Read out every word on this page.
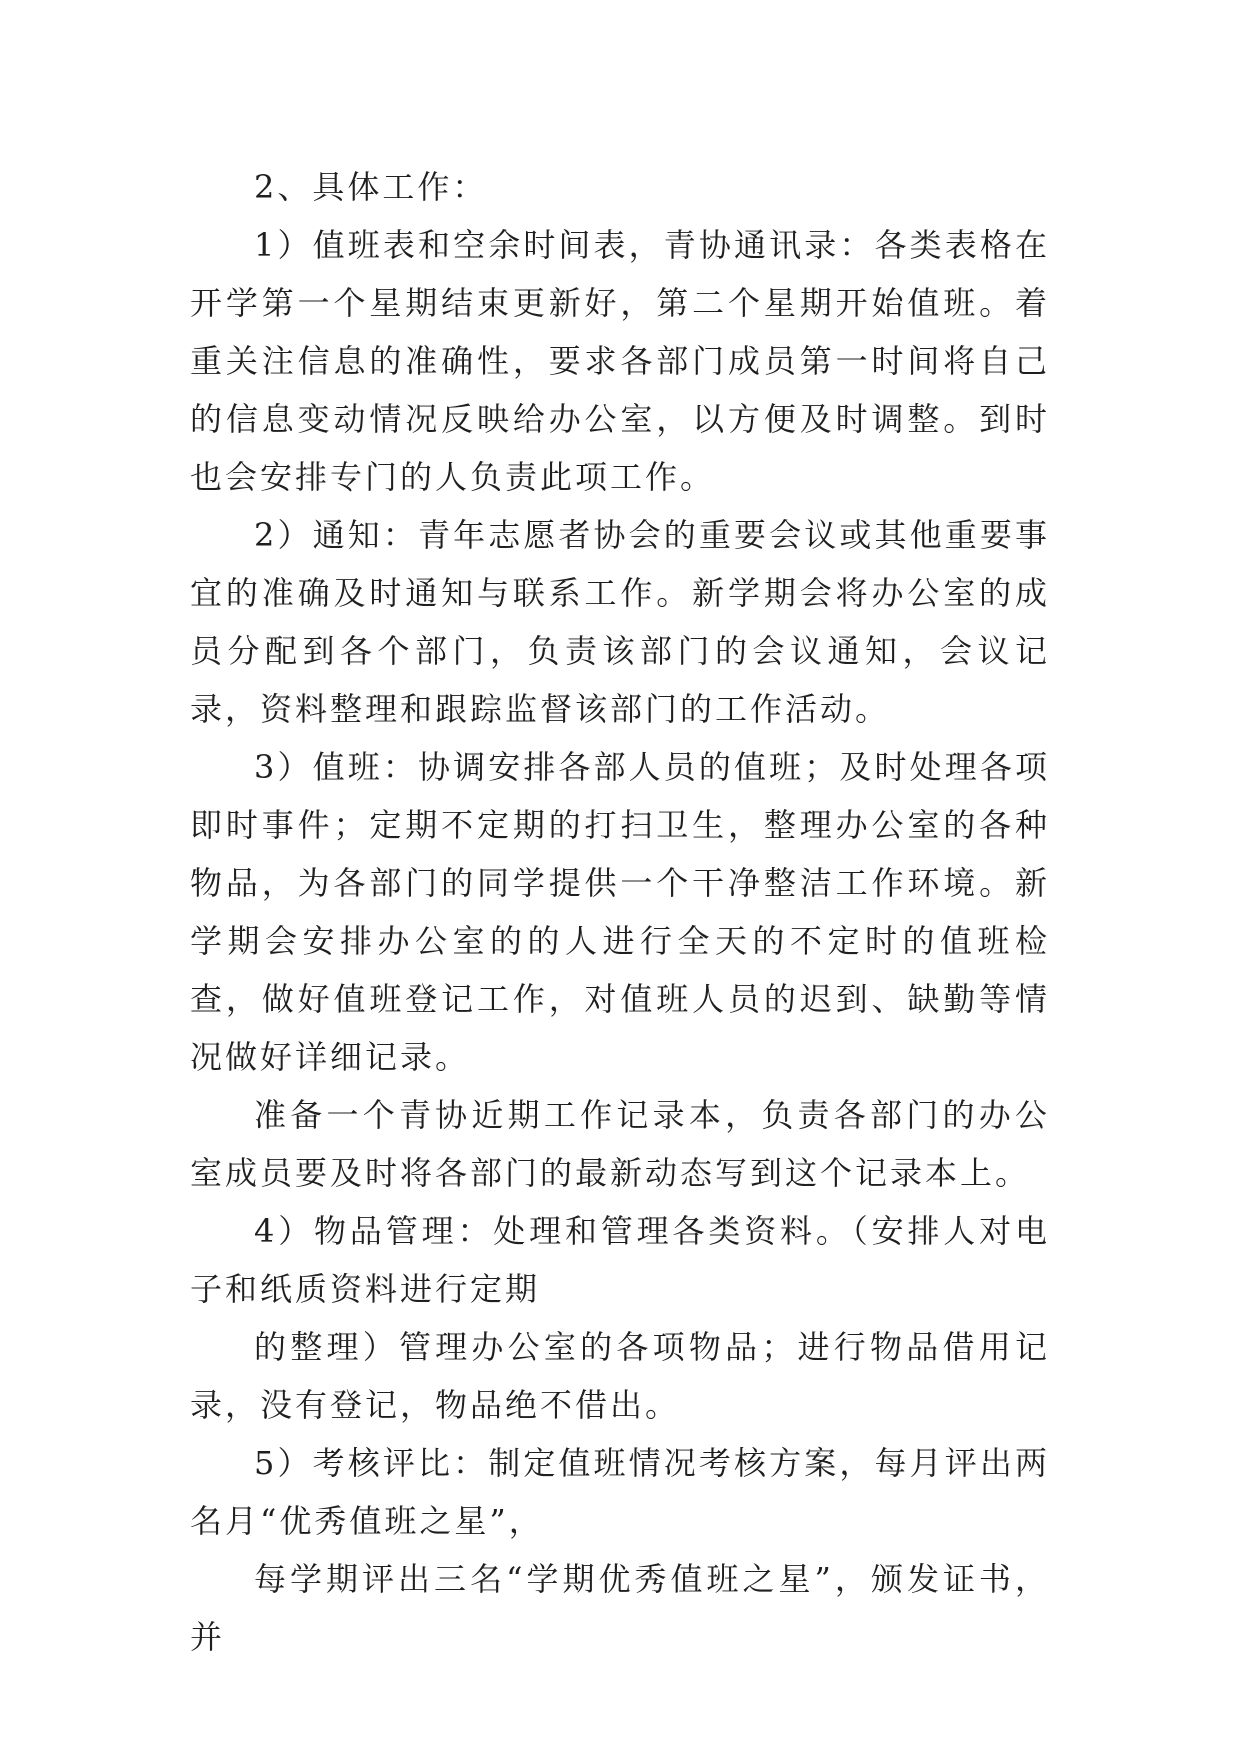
2、具体工作：

1）值班表和空余时间表，青协通讯录：各类表格在开学第一个星期结束更新好，第二个星期开始值班。着重关注信息的准确性，要求各部门成员第一时间将自己的信息变动情况反映给办公室，以方便及时调整。到时也会安排专门的人负责此项工作。

2）通知：青年志愿者协会的重要会议或其他重要事宜的准确及时通知与联系工作。新学期会将办公室的成员分配到各个部门，负责该部门的会议通知，会议记录，资料整理和跟踪监督该部门的工作活动。

3）值班：协调安排各部人员的值班；及时处理各项即时事件；定期不定期的打扫卫生，整理办公室的各种物品，为各部门的同学提供一个干净整洁工作环境。新学期会安排办公室的的人进行全天的不定时的值班检查，做好值班登记工作，对值班人员的迟到、缺勤等情况做好详细记录。

准备一个青协近期工作记录本，负责各部门的办公室成员要及时将各部门的最新动态写到这个记录本上。

4）物品管理：处理和管理各类资料。（安排人对电子和纸质资料进行定期

的整理）管理办公室的各项物品；进行物品借用记录，没有登记，物品绝不借出。

5）考核评比：制定值班情况考核方案，每月评出两名月“优秀值班之星”，

每学期评出三名“学期优秀值班之星”，颁发证书，并
